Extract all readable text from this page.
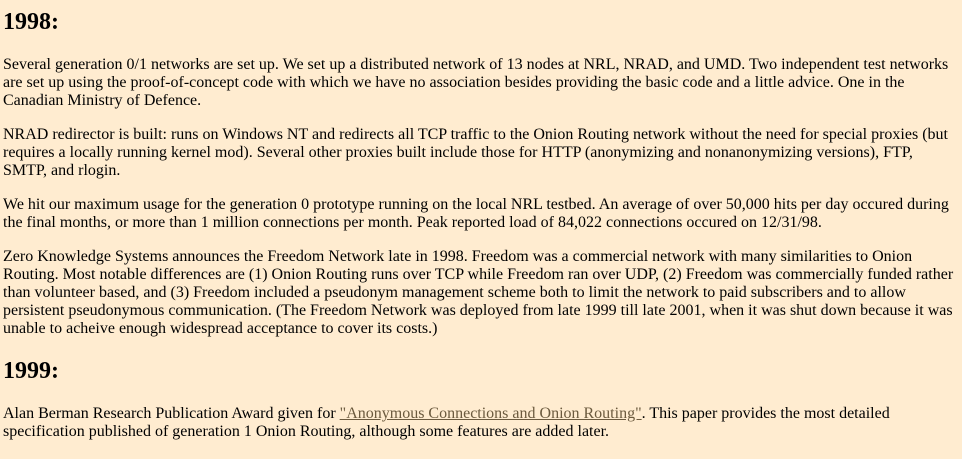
1998:

Several generation 0/1 networks are set up. We set up a distributed network of 13 nodes at NRL, NRAD, and UMD. Two independent test networks are set up using the proof-of-concept code with which we have no association besides providing the basic code and a little advice. One in the Canadian Ministry of Defence.

NRAD redirector is built: runs on Windows NT and redirects all TCP traffic to the Onion Routing network without the need for special proxies (but requires a locally running kernel mod). Several other proxies built include those for HTTP (anonymizing and nonanonymizing versions), FTP, SMTP, and rlogin.

We hit our maximum usage for the generation 0 prototype running on the local NRL testbed. An average of over 50,000 hits per day occured during the final months, or more than 1 million connections per month. Peak reported load of 84,022 connections occured on 12/31/98.

Zero Knowledge Systems announces the Freedom Network late in 1998. Freedom was a commercial network with many similarities to Onion Routing. Most notable differences are (1) Onion Routing runs over TCP while Freedom ran over UDP, (2) Freedom was commercially funded rather than volunteer based, and (3) Freedom included a pseudonym management scheme both to limit the network to paid subscribers and to allow persistent pseudonymous communication. (The Freedom Network was deployed from late 1999 till late 2001, when it was shut down because it was unable to acheive enough widespread acceptance to cover its costs.)

1999:

Alan Berman Research Publication Award given for "Anonymous Connections and Onion Routing". This paper provides the most detailed specification published of generation 1 Onion Routing, although some features are added later.
